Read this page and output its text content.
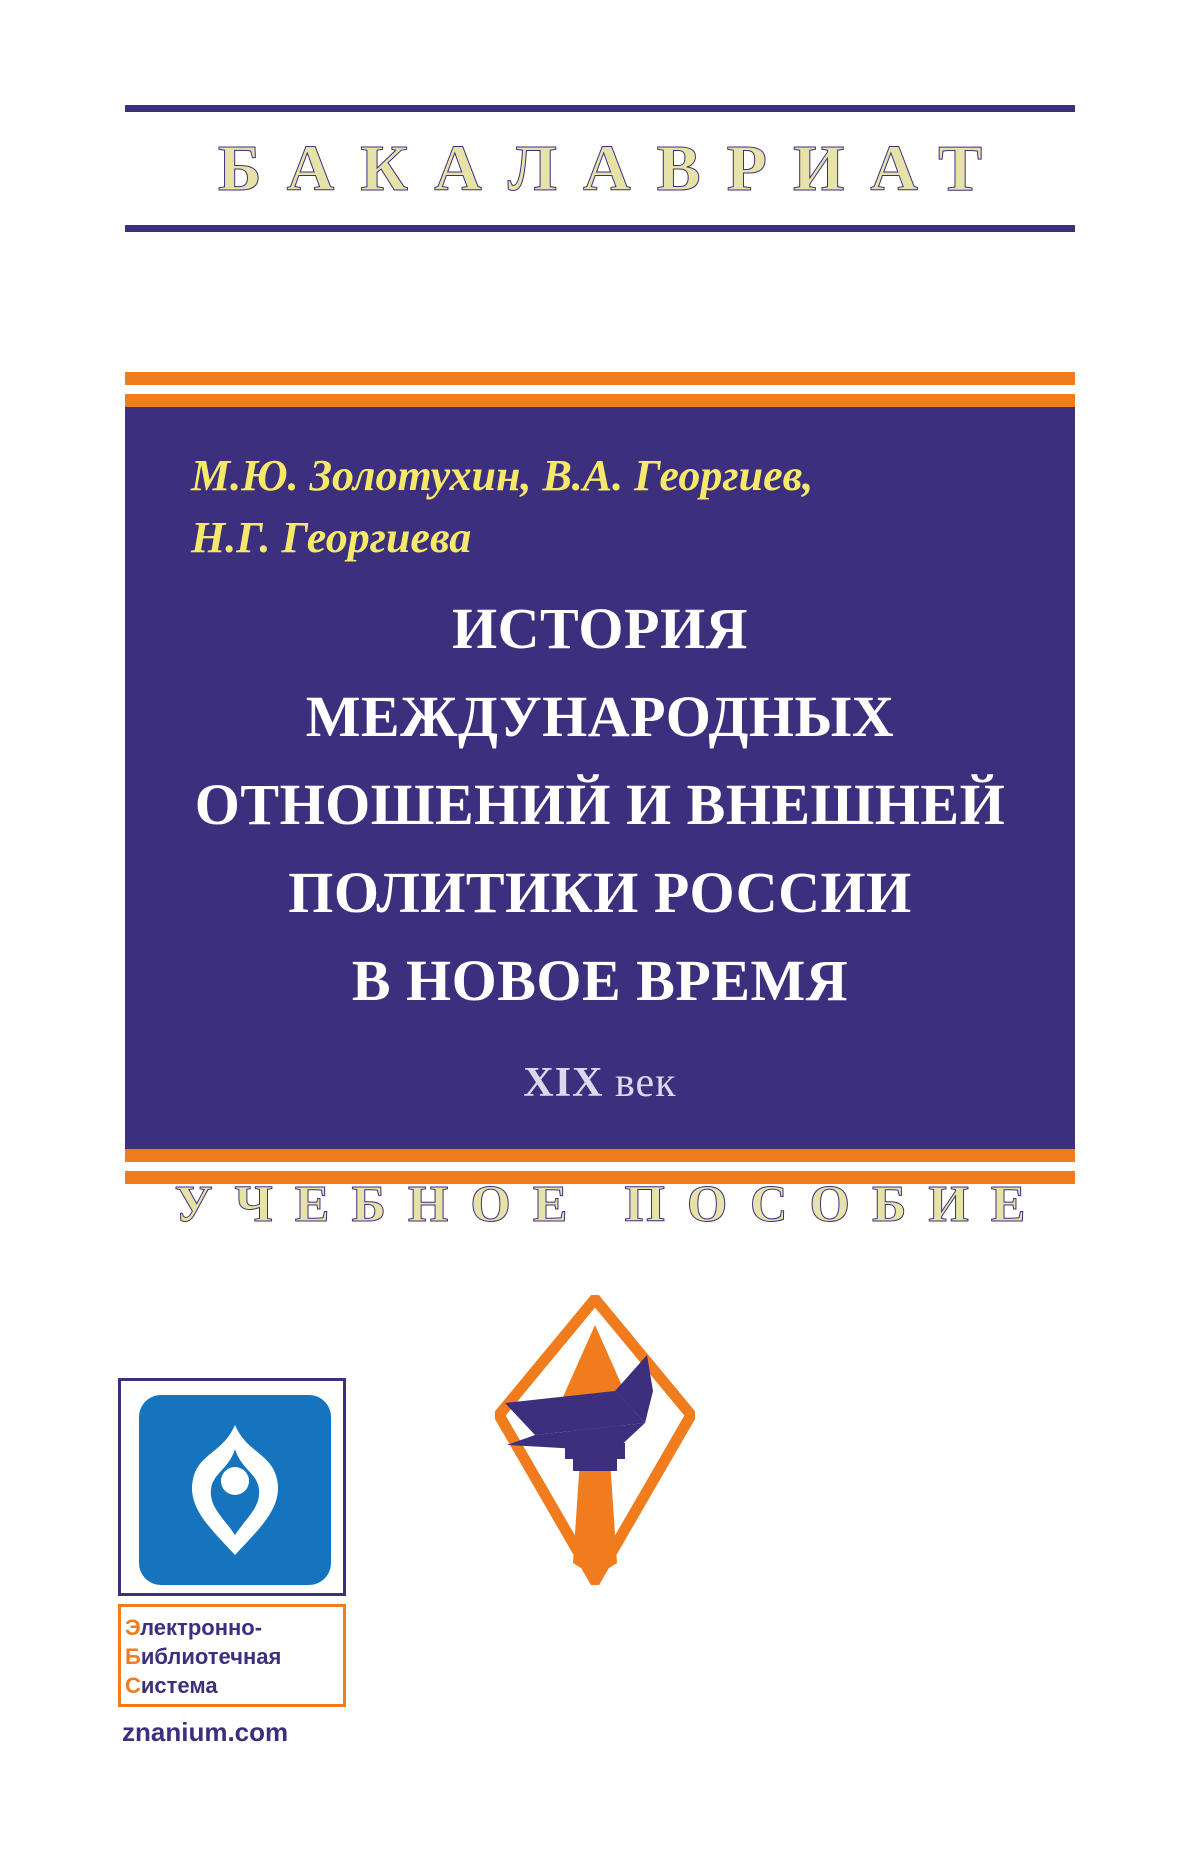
БАКАЛАВРИАТ
М.Ю. Золотухин, В.А. Георгиев,
Н.Г. Георгиева
ИСТОРИЯ МЕЖДУНАРОДНЫХ
ОТНОШЕНИЙ И ВНЕШНЕЙ
ПОЛИТИКИ РОССИИ
В НОВОЕ ВРЕМЯ
XIX век
УЧЕБНОЕ ПОСОБИЕ
Электронно-
Библиотечная
Система
znanium.com
